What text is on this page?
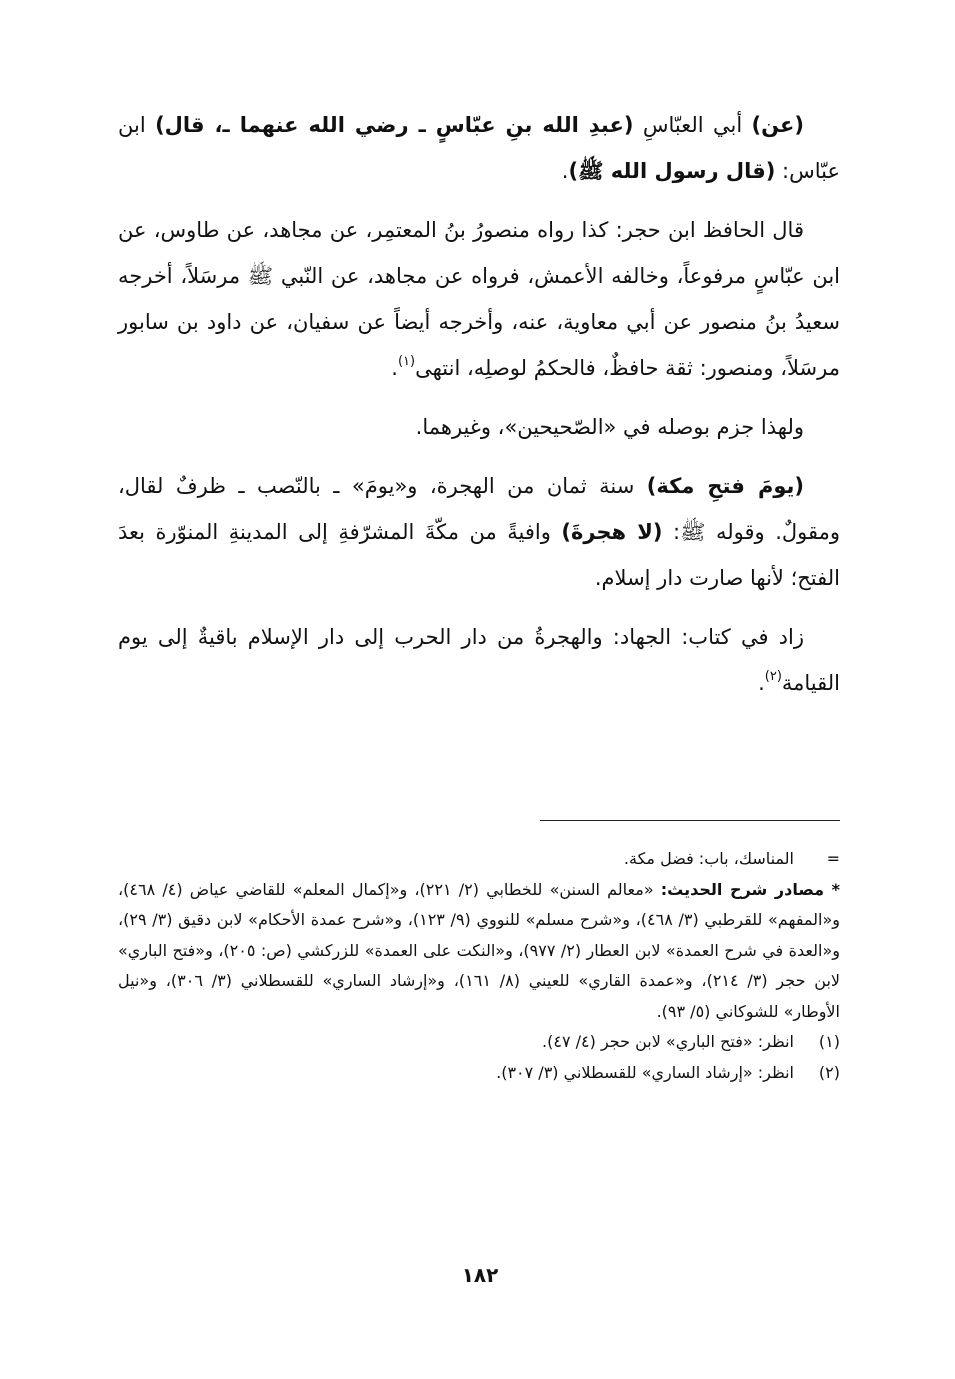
(عن) أبي العبّاسِ (عبدِ الله بنِ عبّاسٍ ـ رضي الله عنهما ـ، قال) ابن عبّاس: (قال رسول الله ﷺ).

قال الحافظ ابن حجر: كذا رواه منصورُ بنُ المعتمِر، عن مجاهد، عن طاوس، عن ابن عبّاسٍ مرفوعاً، وخالفه الأعمش، فرواه عن مجاهد، عن النّبي ﷺ مرسَلاً، أخرجه سعيدُ بنُ منصور عن أبي معاوية، عنه، وأخرجه أيضاً عن سفيان، عن داود بن سابور مرسَلاً، ومنصور: ثقة حافظٌ، فالحكمُ لوصلِه، انتهى$^{(١)}$.

ولهذا جزم بوصله في «الصّحيحين»، وغيرهما.

(يومَ فتحِ مكة) سنة ثمان من الهجرة، و«يومَ» ـ بالنّصب ـ ظرفٌ لقال، ومقولٌ. وقوله ﷺ: (لا هجرةَ) وافيةً من مكّةَ المشرّفةِ إلى المدينةِ المنوّرة بعدَ الفتح؛ لأنها صارت دار إسلام.

زاد في كتاب: الجهاد: والهجرةُ من دار الحرب إلى دار الإسلام باقيةٌ إلى يوم القيامة$^{(٢)}$.

=
المناسك، باب: فضل مكة.

* مصادر شرح الحديث: «معالم السنن» للخطابي (٢/ ٢٢١)، و«إكمال المعلم» للقاضي عياض (٤/ ٤٦٨)، و«المفهم» للقرطبي (٣/ ٤٦٨)، و«شرح مسلم» للنووي (٩/ ١٢٣)، و«شرح عمدة الأحكام» لابن دقيق (٣/ ٢٩)، و«العدة في شرح العمدة» لابن العطار (٢/ ٩٧٧)، و«النكت على العمدة» للزركشي (ص: ٢٠٥)، و«فتح الباري» لابن حجر (٣/ ٢١٤)، و«عمدة القاري» للعيني (٨/ ١٦١)، و«إرشاد الساري» للقسطلاني (٣/ ٣٠٦)، و«نيل الأوطار» للشوكاني (٥/ ٩٣).

(١)
انظر: «فتح الباري» لابن حجر (٤/ ٤٧).

(٢)
انظر: «إرشاد الساري» للقسطلاني (٣/ ٣٠٧).

١٨٢
